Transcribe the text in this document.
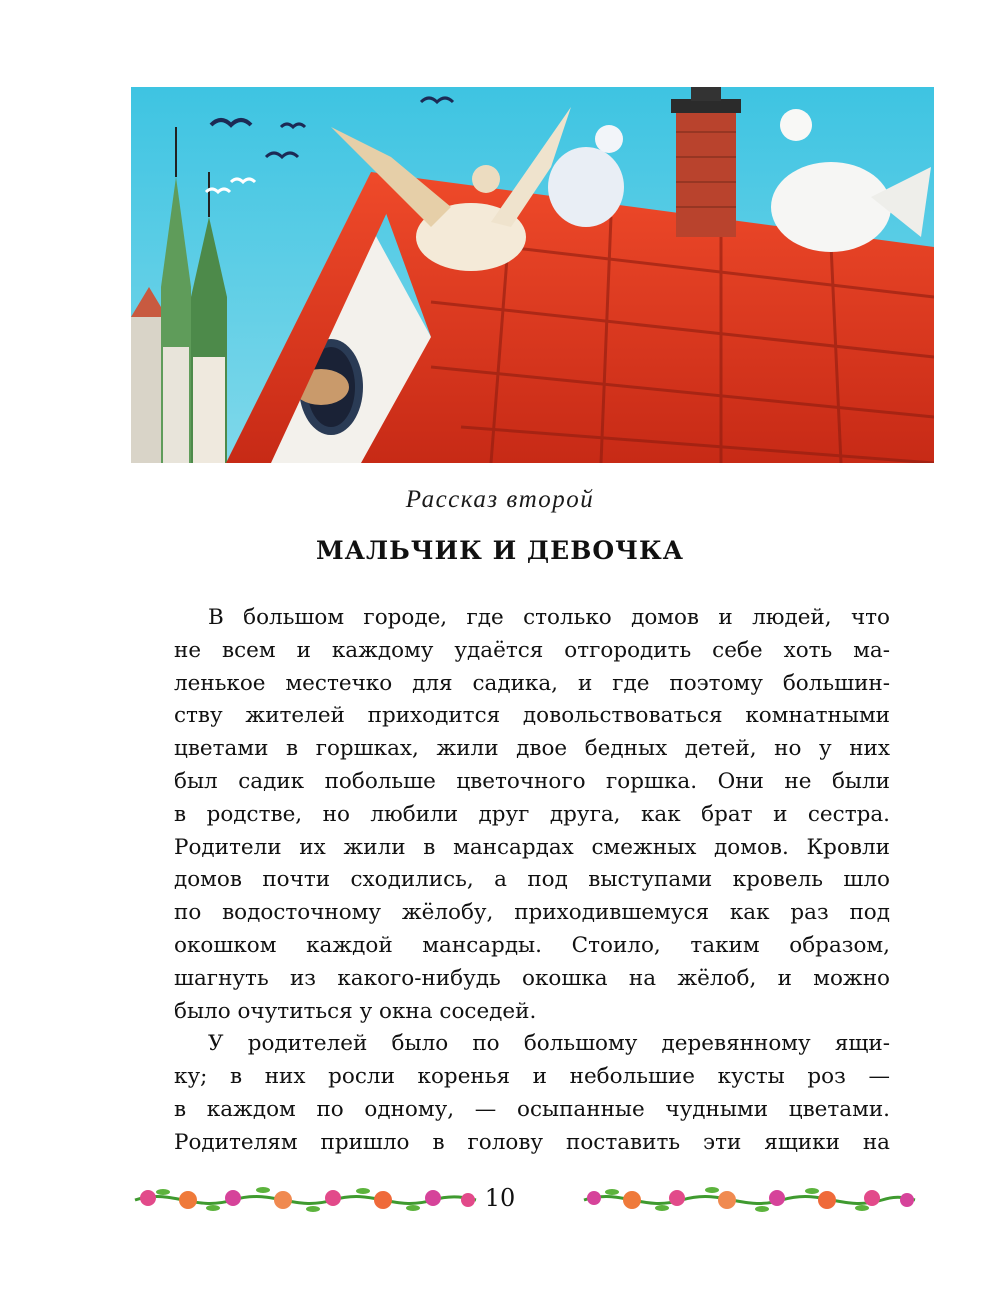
Рассказ второй
МАЛЬЧИК И ДЕВОЧКА
В большом городе, где столько домов и людей, что
не всем и каждому удаётся отгородить себе хоть ма-
ленькое местечко для садика, и где поэтому большин-
ству жителей приходится довольствоваться комнатными
цветами в горшках, жили двое бедных детей, но у них
был садик побольше цветочного горшка. Они не были
в родстве, но любили друг друга, как брат и сестра.
Родители их жили в мансардах смежных домов. Кровли
домов почти сходились, а под выступами кровель шло
по водосточному жёлобу, приходившемуся как раз под
окошком каждой мансарды. Стоило, таким образом,
шагнуть из какого-нибудь окошка на жёлоб, и можно
было очутиться у окна соседей.
У родителей было по большому деревянному ящи-
ку; в них росли коренья и небольшие кусты роз —
в каждом по одному, — осыпанные чудными цветами.
Родителям пришло в голову поставить эти ящики на
10
